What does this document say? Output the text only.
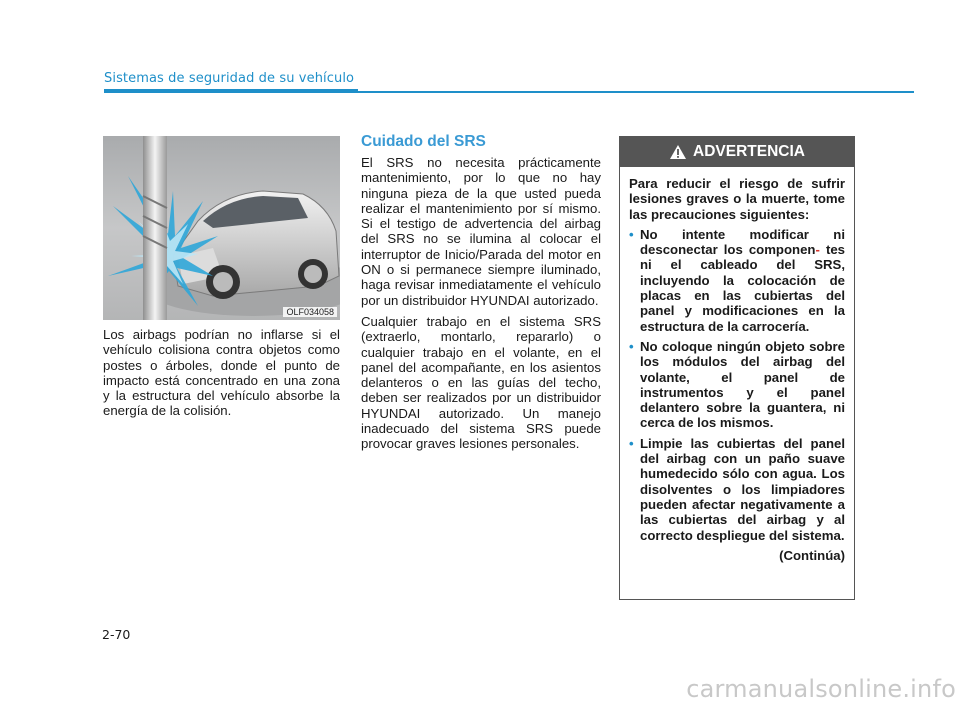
Sistemas de seguridad de su vehículo
OLF034058

Los airbags podrían no inflarse si el vehículo colisiona contra objetos como postes o árboles, donde el punto de impacto está concentrado en una zona y la estructura del vehículo absorbe la energía de la colisión.

Cuidado del SRS

El SRS no necesita prácticamente mantenimiento, por lo que no hay ninguna pieza de la que usted pueda realizar el mantenimiento por sí mismo. Si el testigo de advertencia del airbag del SRS no se ilumina al colocar el interruptor de Inicio/Parada del motor en ON o si permanece siempre iluminado, haga revisar inmediatamente el vehículo por un distribuidor HYUNDAI autorizado.

Cualquier trabajo en el sistema SRS (extraerlo, montarlo, repararlo) o cualquier trabajo en el volante, en el panel del acompañante, en los asientos delanteros o en las guías del techo, deben ser realizados por un distribuidor HYUNDAI autorizado. Un manejo inadecuado del sistema SRS puede provocar graves lesiones personales.

ADVERTENCIA

Para reducir el riesgo de sufrir lesiones graves o la muerte, tome las precauciones siguientes:

• No intente modificar ni desconectar los componen- tes ni el cableado del SRS, incluyendo la colocación de placas en las cubiertas del panel y modificaciones en la estructura de la carrocería.
• No coloque ningún objeto sobre los módulos del airbag del volante, el panel de instrumentos y el panel delantero sobre la guantera, ni cerca de los mismos.
• Limpie las cubiertas del panel del airbag con un paño suave humedecido sólo con agua. Los disolventes o los limpiadores pueden afectar negativamente a las cubiertas del airbag y al correcto despliegue del sistema.
(Continúa)
2-70
carmanualsonline.info
